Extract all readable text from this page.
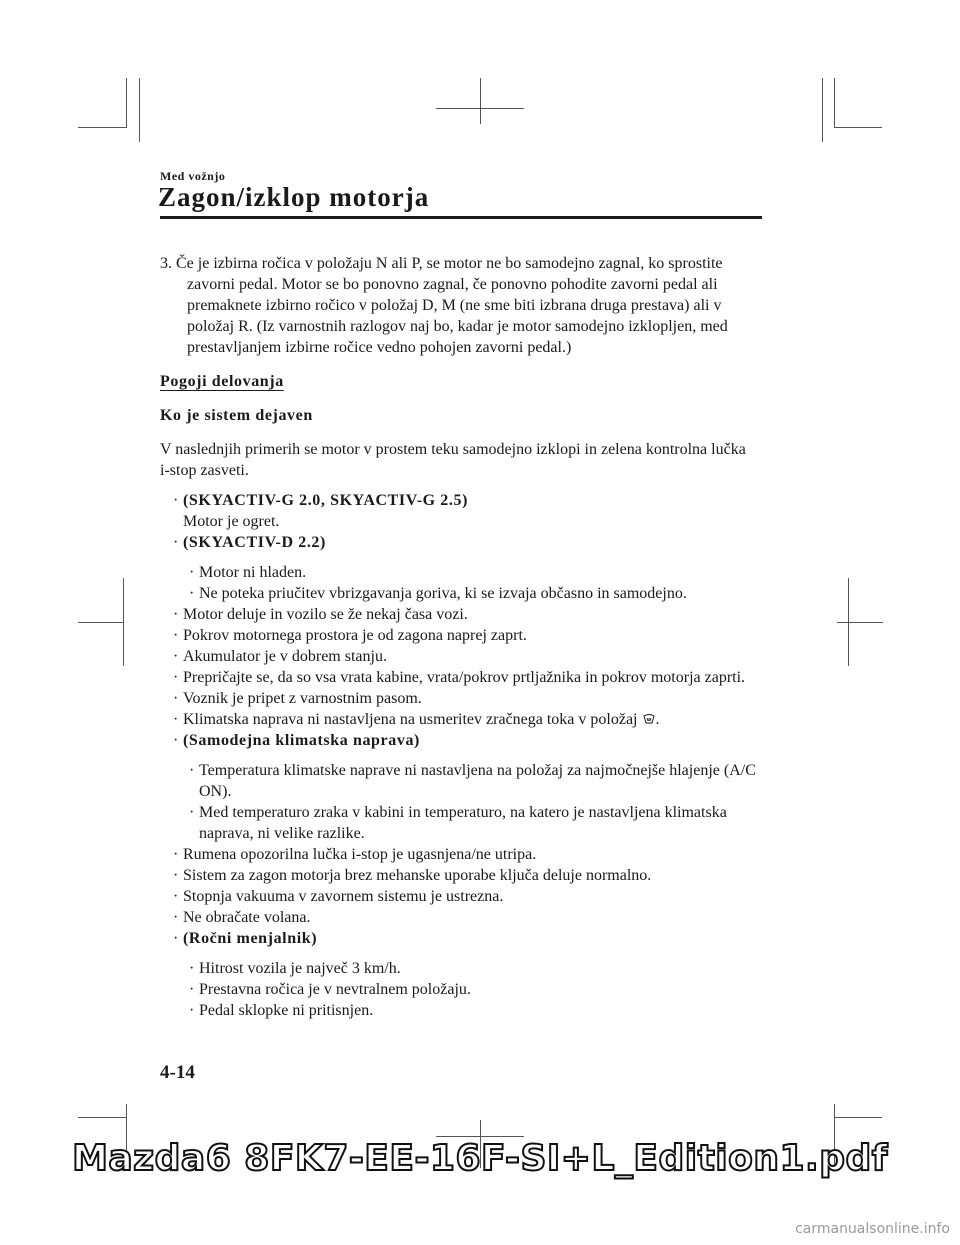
Med vožnjo
Zagon/izklop motorja
3. Če je izbirna ročica v položaju N ali P, se motor ne bo samodejno zagnal, ko sprostite
zavorni pedal. Motor se bo ponovno zagnal, če ponovno pohodite zavorni pedal ali
premaknete izbirno ročico v položaj D, M (ne sme biti izbrana druga prestava) ali v
položaj R. (Iz varnostnih razlogov naj bo, kadar je motor samodejno izklopljen, med
prestavljanjem izbirne ročice vedno pohojen zavorni pedal.)
Pogoji delovanja
Ko je sistem dejaven
V naslednjih primerih se motor v prostem teku samodejno izklopi in zelena kontrolna lučka
i-stop zasveti.
· (SKYACTIV-G 2.0, SKYACTIV-G 2.5)
Motor je ogret.
· (SKYACTIV-D 2.2)
· Motor ni hladen.
· Ne poteka priučitev vbrizgavanja goriva, ki se izvaja občasno in samodejno.
· Motor deluje in vozilo se že nekaj časa vozi.
· Pokrov motornega prostora je od zagona naprej zaprt.
· Akumulator je v dobrem stanju.
· Prepričajte se, da so vsa vrata kabine, vrata/pokrov prtljažnika in pokrov motorja zaprti.
· Voznik je pripet z varnostnim pasom.
· Klimatska naprava ni nastavljena na usmeritev zračnega toka v položaj .
· (Samodejna klimatska naprava)
· Temperatura klimatske naprave ni nastavljena na položaj za najmočnejše hlajenje (A/C
ON).
· Med temperaturo zraka v kabini in temperaturo, na katero je nastavljena klimatska
naprava, ni velike razlike.
· Rumena opozorilna lučka i-stop je ugasnjena/ne utripa.
· Sistem za zagon motorja brez mehanske uporabe ključa deluje normalno.
· Stopnja vakuuma v zavornem sistemu je ustrezna.
· Ne obračate volana.
· (Ročni menjalnik)
· Hitrost vozila je največ 3 km/h.
· Prestavna ročica je v nevtralnem položaju.
· Pedal sklopke ni pritisnjen.
4-14
Mazda6 8FK7-EE-16F-SI+L_Edition1.pdf
carmanualsonline.info
